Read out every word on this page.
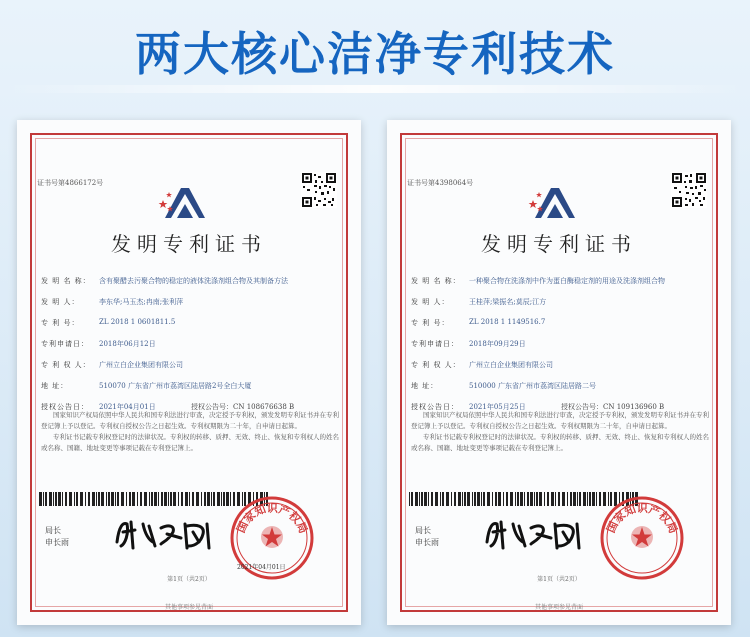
两大核心洁净专利技术
证书号第4866172号
发明专利证书
发 明 名 称：	含有聚醋去污聚合物的稳定的液体洗涤剂组合物及其制备方法
发 明 人：	李东华;马玉杰;冉南;张利萍
专 利 号：	ZL 2018 1 0601811.5
专利申请日：	2018年06月12日
专 利 权 人：	广州立白企业集团有限公司
地 址：	510070 广东省广州市荔湾区陆居路2号全白大厦
授权公告日：	2021年04月01日	授权公告号：CN 108676638 B

国家知识产权局依照中华人民共和国专利法进行审查，决定授予专利权，颁发发明专利证书并在专利登记簿上予以登记。专利权自授权公告之日起生效。专利权期限为二十年，自申请日起算。

专利证书记载专利权登记时的法律状况。专利权的转移、质押、无效、终止、恢复和专利权人的姓名或名称、国籍、地址变更等事项记载在专利登记簿上。

局长
申长雨
国家知识产权局
2021年04月01日
第1页（共2页）
其他事项参见背面
证书号第4398064号
发明专利证书
发 明 名 称：	一种聚合物在洗涤剂中作为蛋白酶稳定剂的用途及洗涤剂组合物
发 明 人：	王桂萍;梁振名;莫辰;江方
专 利 号：	ZL 2018 1 1149516.7
专利申请日：	2018年09月29日
专 利 权 人：	广州立白企业集团有限公司
地 址：	510000 广东省广州市荔湾区陆居路二号
授权公告日：	2021年05月25日	授权公告号：CN 109136960 B

国家知识产权局依照中华人民共和国专利法进行审查，决定授予专利权，颁发发明专利证书并在专利登记簿上予以登记。专利权自授权公告之日起生效。专利权期限为二十年，自申请日起算。

专利证书记载专利权登记时的法律状况。专利权的转移、质押、无效、终止、恢复和专利权人的姓名或名称、国籍、地址变更等事项记载在专利登记簿上。

局长
申长雨
国家知识产权局
第1页（共2页）
其他事项参见背面
